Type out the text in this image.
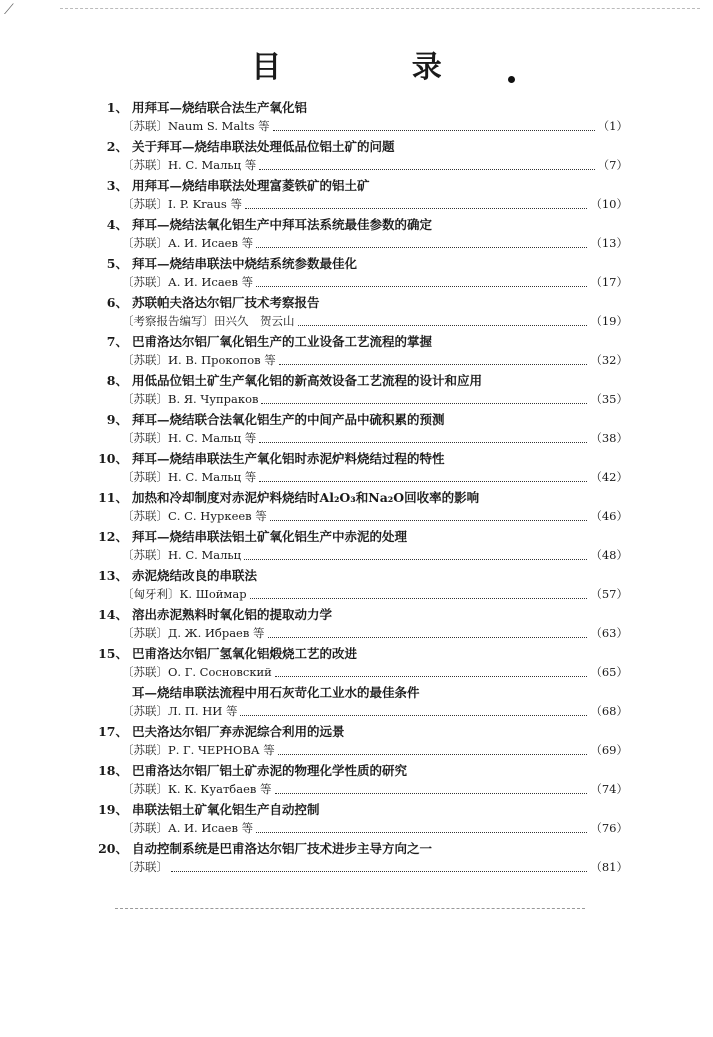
⟋
目 录
1、 用拜耳—烧结联合法生产氧化铝
〔苏联〕Naum S. Malts 等	（1）
2、 关于拜耳—烧结串联法处理低品位铝土矿的问题
〔苏联〕Н. С. Мальц 等	（7）
3、 用拜耳—烧结串联法处理富菱铁矿的铝土矿
〔苏联〕I. P. Kraus 等	（10）
4、 拜耳—烧结法氧化铝生产中拜耳法系统最佳参数的确定
〔苏联〕А. И. Исаев 等	（13）
5、 拜耳—烧结串联法中烧结系统参数最佳化
〔苏联〕А. И. Исаев 等	（17）
6、 苏联帕夫洛达尔铝厂技术考察报告
〔考察报告编写〕田兴久　贺云山	（19）
7、 巴甫洛达尔铝厂氧化铝生产的工业设备工艺流程的掌握
〔苏联〕И. В. Прокопов 等	（32）
8、 用低品位铝土矿生产氧化铝的新高效设备工艺流程的设计和应用
〔苏联〕В. Я. Чупраков	（35）
9、 拜耳—烧结联合法氧化铝生产的中间产品中硫积累的预测
〔苏联〕Н. С. Мальц 等	（38）
10、 拜耳—烧结串联法生产氧化铝时赤泥炉料烧结过程的特性
〔苏联〕Н. С. Мальц 等	（42）
11、 加热和冷却制度对赤泥炉料烧结时Al₂O₃和Na₂O回收率的影响
〔苏联〕С. С. Нуркеев 等	（46）
12、 拜耳—烧结串联法铝土矿氧化铝生产中赤泥的处理
〔苏联〕Н. С. Мальц	（48）
13、 赤泥烧结改良的串联法
〔匈牙利〕К. Шоймар	（57）
14、 溶出赤泥熟料时氧化铝的提取动力学
〔苏联〕Д. Ж. Ибраев 等	（63）
15、 巴甫洛达尔铝厂氢氧化铝煅烧工艺的改进
〔苏联〕О. Г. Сосновский	（65）
耳—烧结串联法流程中用石灰苛化工业水的最佳条件
〔苏联〕Л. П. НИ 等	（68）
17、 巴夫洛达尔铝厂弃赤泥综合利用的远景
〔苏联〕Р. Г. ЧЕРНОВА 等	（69）
18、 巴甫洛达尔铝厂铝土矿赤泥的物理化学性质的研究
〔苏联〕К. К. Куатбаев 等	（74）
19、 串联法铝土矿氧化铝生产自动控制
〔苏联〕А. И. Исаев 等	（76）
20、 自动控制系统是巴甫洛达尔铝厂技术进步主导方向之一
〔苏联〕	（81）
